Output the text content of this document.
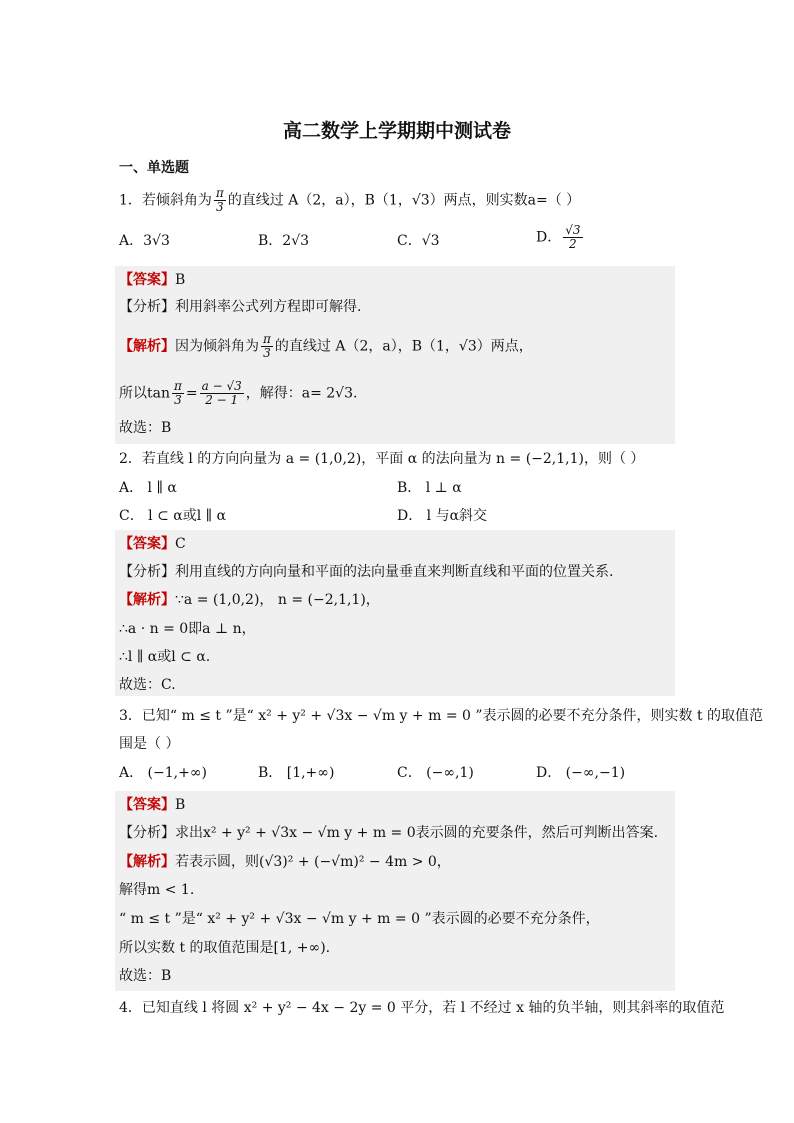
高二数学上学期期中测试卷
一、单选题
1．若倾斜角为 $\frac{\pi}{3}$ 的直线过 A（2，a），B（1，√3）两点，则实数a=（ ）
A．3√3	B．2√3	C．√3	D． $\frac{√3}{2}$
【答案】B
【分析】利用斜率公式列方程即可解得.
【解析】因为倾斜角为 $\frac{\pi}{3}$ 的直线过 A（2，a），B（1，√3）两点，
所以$\tan \frac{\pi}{3} = \frac{a - √3}{2 - 1}$ ，解得：a= 2√3.
故选：B
2．若直线 l 的方向向量为 a = (1,0,2)，平面 α 的法向量为 n = (−2,1,1)，则（ ）
A． l ∥ α	B． l ⊥ α
C． l ⊂ α或l ∥ α	D． l 与α斜交
【答案】C
【分析】利用直线的方向向量和平面的法向量垂直来判断直线和平面的位置关系.
【解析】∵a = (1,0,2)， n = (−2,1,1)，
∴a · n = 0即a ⊥ n，
∴l ∥ α或l ⊂ α.
故选：C.
3．已知“ m ≤ t ”是“ x² + y² + √3x − √m y + m = 0 ”表示圆的必要不充分条件，则实数 t 的取值范
围是（ ）
A． (−1,+∞)	B． [1,+∞)	C． (−∞,1)	D． (−∞,−1)
【答案】B
【分析】求出x² + y² + √3x − √m y + m = 0表示圆的充要条件，然后可判断出答案.
【解析】若表示圆，则(√3)² + (−√m)² − 4m > 0，
解得m < 1.
“ m ≤ t ”是“ x² + y² + √3x − √m y + m = 0 ”表示圆的必要不充分条件，
所以实数 t 的取值范围是[1, +∞).
故选：B
4．已知直线 l 将圆 x² + y² − 4x − 2y = 0 平分，若 l 不经过 x 轴的负半轴，则其斜率的取值范
